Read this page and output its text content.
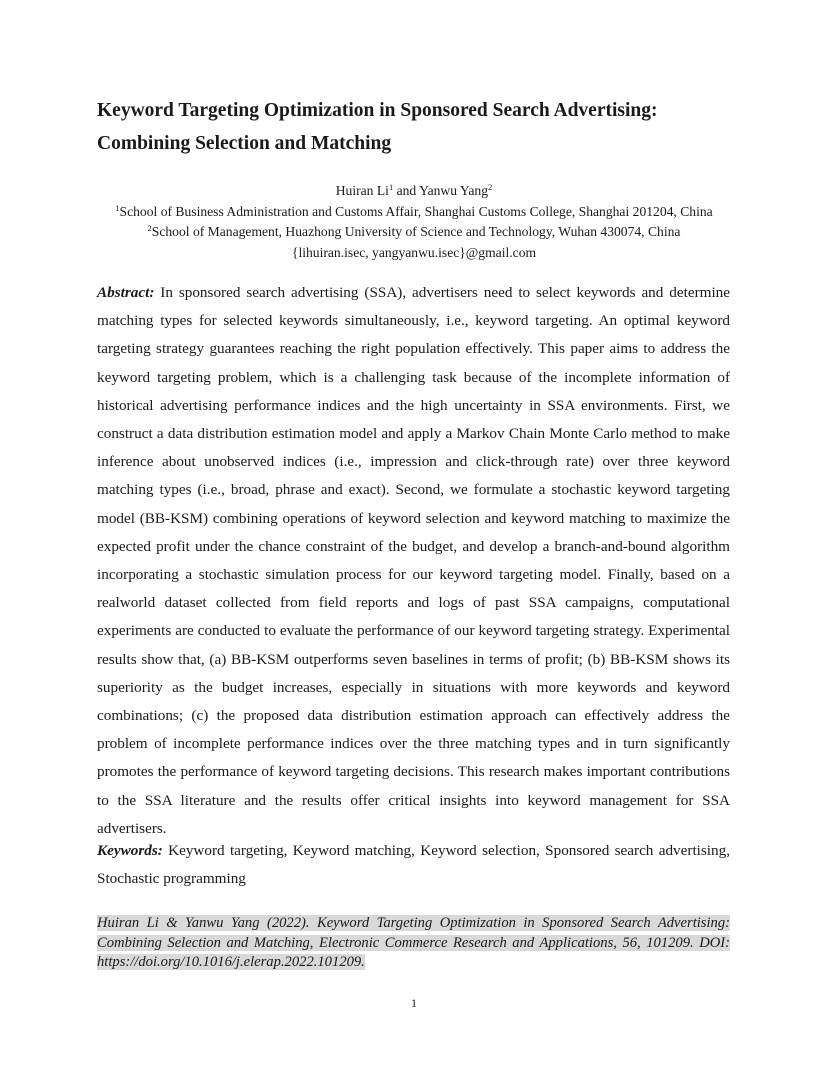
Keyword Targeting Optimization in Sponsored Search Advertising: Combining Selection and Matching
Huiran Li$^1$ and Yanwu Yang$^2$
$^1$School of Business Administration and Customs Affair, Shanghai Customs College, Shanghai 201204, China
$^2$School of Management, Huazhong University of Science and Technology, Wuhan 430074, China
{lihuiran.isec, yangyanwu.isec}@gmail.com

Abstract: In sponsored search advertising (SSA), advertisers need to select keywords and determine matching types for selected keywords simultaneously, i.e., keyword targeting. An optimal keyword targeting strategy guarantees reaching the right population effectively. This paper aims to address the keyword targeting problem, which is a challenging task because of the incomplete information of historical advertising performance indices and the high uncertainty in SSA environments. First, we construct a data distribution estimation model and apply a Markov Chain Monte Carlo method to make inference about unobserved indices (i.e., impression and click-through rate) over three keyword matching types (i.e., broad, phrase and exact). Second, we formulate a stochastic keyword targeting model (BB-KSM) combining operations of keyword selection and keyword matching to maximize the expected profit under the chance constraint of the budget, and develop a branch-and-bound algorithm incorporating a stochastic simulation process for our keyword targeting model. Finally, based on a realworld dataset collected from field reports and logs of past SSA campaigns, computational experiments are conducted to evaluate the performance of our keyword targeting strategy. Experimental results show that, (a) BB-KSM outperforms seven baselines in terms of profit; (b) BB-KSM shows its superiority as the budget increases, especially in situations with more keywords and keyword combinations; (c) the proposed data distribution estimation approach can effectively address the problem of incomplete performance indices over the three matching types and in turn significantly promotes the performance of keyword targeting decisions. This research makes important contributions to the SSA literature and the results offer critical insights into keyword management for SSA advertisers.

Keywords: Keyword targeting, Keyword matching, Keyword selection, Sponsored search advertising, Stochastic programming

Huiran Li & Yanwu Yang (2022). Keyword Targeting Optimization in Sponsored Search Advertising: Combining Selection and Matching, Electronic Commerce Research and Applications, 56, 101209. DOI: https://doi.org/10.1016/j.elerap.2022.101209.

1
